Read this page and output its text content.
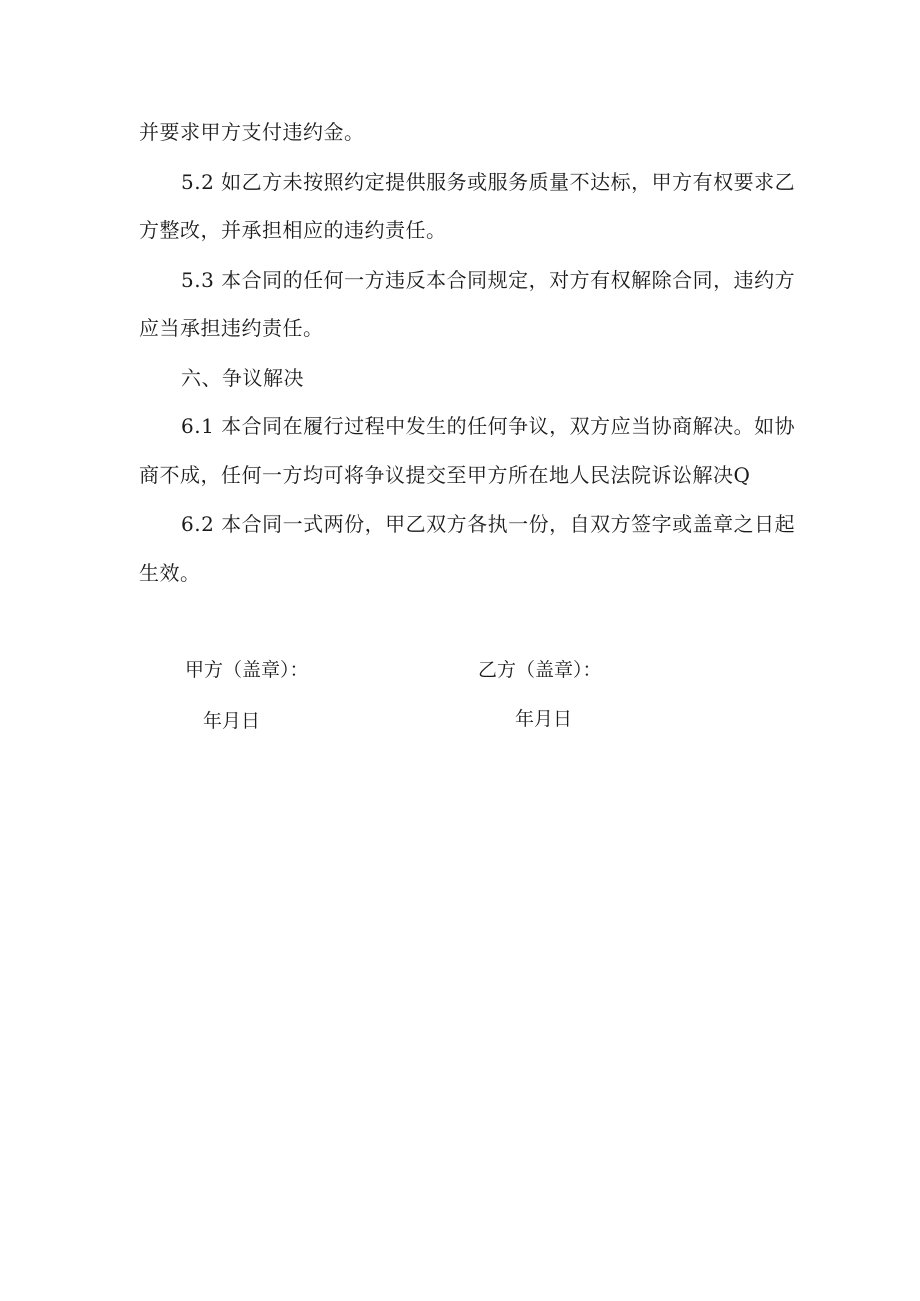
并要求甲方支付违约金。
5.2 如乙方未按照约定提供服务或服务质量不达标，甲方有权要求乙
方整改，并承担相应的违约责任。
5.3 本合同的任何一方违反本合同规定，对方有权解除合同，违约方
应当承担违约责任。
六、争议解决
6.1 本合同在履行过程中发生的任何争议，双方应当协商解决。如协
商不成，任何一方均可将争议提交至甲方所在地人民法院诉讼解决Q
6.2 本合同一式两份，甲乙双方各执一份，自双方签字或盖章之日起
生效。
甲方（盖章）：	乙方（盖章）：
年月日	年月日
